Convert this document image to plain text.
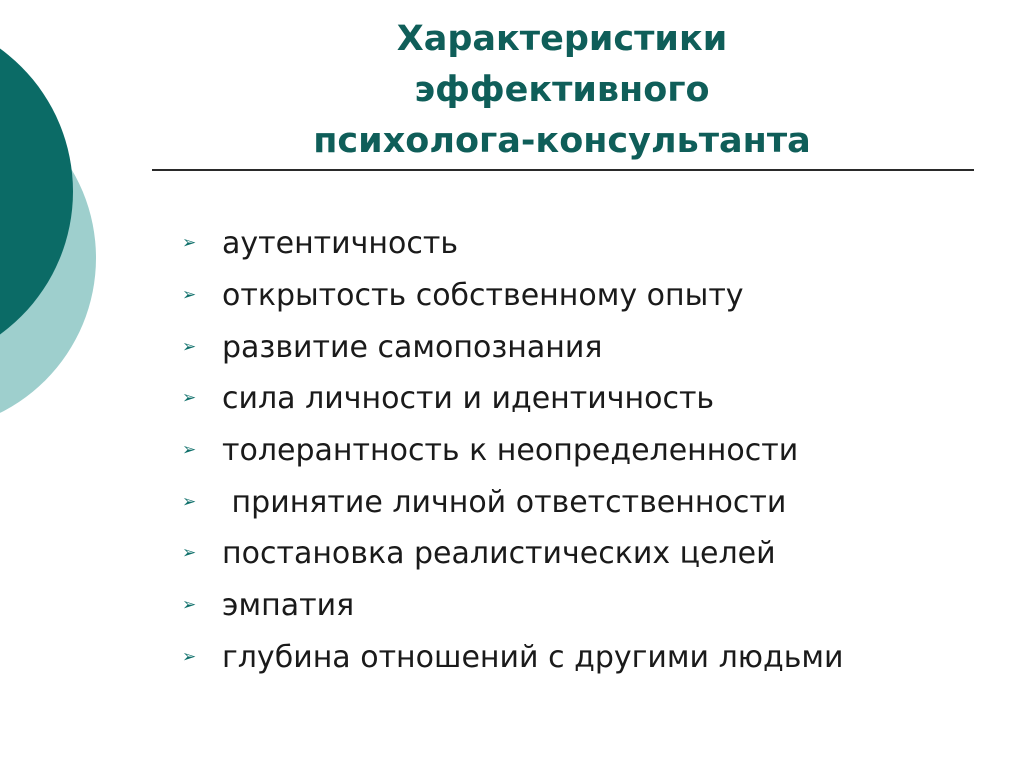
Характеристики
эффективного
психолога-консультанта
➢ аутентичность
➢ открытость собственному опыту
➢ развитие самопознания
➢ сила личности и идентичность
➢ толерантность к неопределенности
➢ принятие личной ответственности
➢ постановка реалистических целей
➢ эмпатия
➢ глубина отношений с другими людьми
